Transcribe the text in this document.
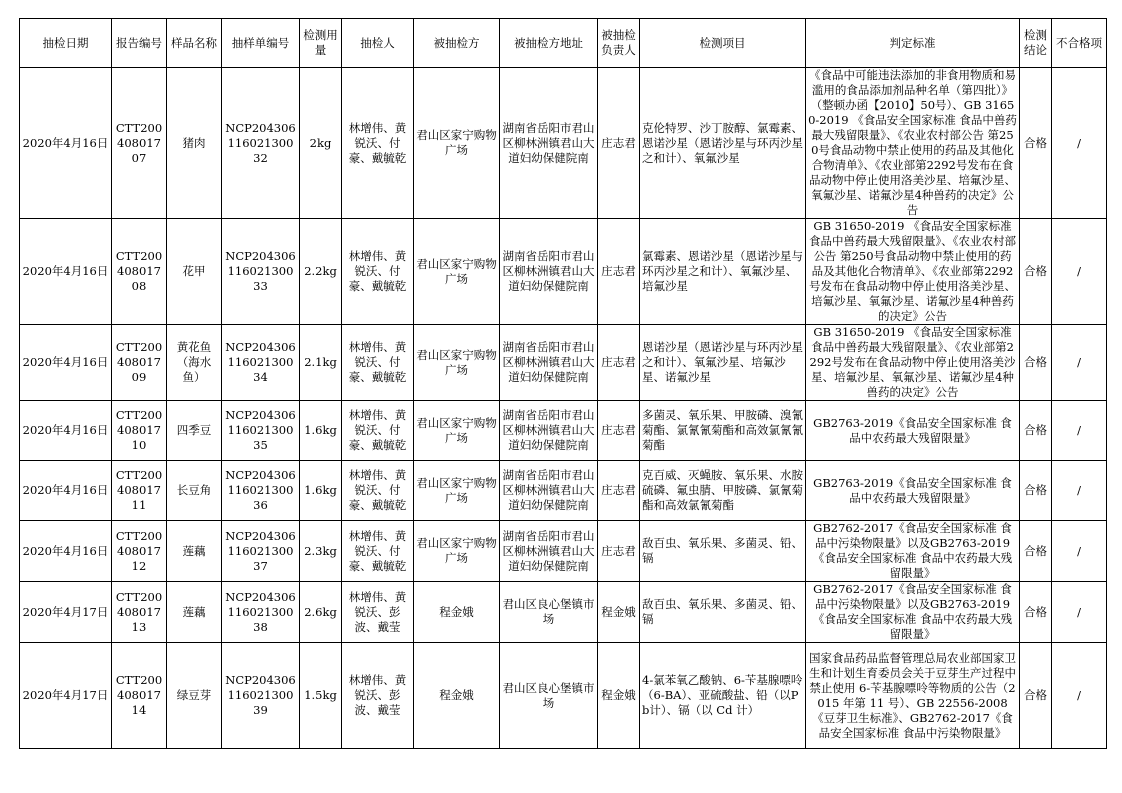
抽检日期	报告编号	样品名称	抽样单编号	检测用量	抽检人	被抽检方	被抽检方地址	被抽检负责人	检测项目	判定标准	检测结论	不合格项
2020年4月16日	CTT20040801707	猪肉	NCP20430611602130032	2kg	林增伟、黄锐沃、付豪、戴毓乾	君山区家宁购物广场	湖南省岳阳市君山区柳林洲镇君山大道妇幼保健院南	庄志君	克伦特罗、沙丁胺醇、氯霉素、恩诺沙星（恩诺沙星与环丙沙星之和计）、氧氟沙星	《食品中可能违法添加的非食用物质和易滥用的食品添加剂品种名单（第四批）》（整顿办函【2010】50号）、GB 31650-2019 《食品安全国家标准 食品中兽药最大残留限量》、《农业农村部公告 第250号食品动物中禁止使用的药品及其他化合物清单》、《农业部第2292号发布在食品动物中停止使用洛美沙星、培氟沙星、氧氟沙星、诺氟沙星4种兽药的决定》公告	合格	/
2020年4月16日	CTT20040801708	花甲	NCP20430611602130033	2.2kg	林增伟、黄锐沃、付豪、戴毓乾	君山区家宁购物广场	湖南省岳阳市君山区柳林洲镇君山大道妇幼保健院南	庄志君	氯霉素、恩诺沙星（恩诺沙星与环丙沙星之和计）、氧氟沙星、培氟沙星	GB 31650-2019 《食品安全国家标准 食品中兽药最大残留限量》、《农业农村部公告 第250号食品动物中禁止使用的药品及其他化合物清单》、《农业部第2292号发布在食品动物中停止使用洛美沙星、培氟沙星、氧氟沙星、诺氟沙星4种兽药的决定》公告	合格	/
2020年4月16日	CTT20040801709	黄花鱼（海水鱼）	NCP20430611602130034	2.1kg	林增伟、黄锐沃、付豪、戴毓乾	君山区家宁购物广场	湖南省岳阳市君山区柳林洲镇君山大道妇幼保健院南	庄志君	恩诺沙星（恩诺沙星与环丙沙星之和计）、氧氟沙星、培氟沙星、诺氟沙星	GB 31650-2019 《食品安全国家标准 食品中兽药最大残留限量》、《农业部第2292号发布在食品动物中停止使用洛美沙星、培氟沙星、氧氟沙星、诺氟沙星4种兽药的决定》公告	合格	/
2020年4月16日	CTT20040801710	四季豆	NCP20430611602130035	1.6kg	林增伟、黄锐沃、付豪、戴毓乾	君山区家宁购物广场	湖南省岳阳市君山区柳林洲镇君山大道妇幼保健院南	庄志君	多菌灵、氧乐果、甲胺磷、溴氰菊酯、氯氰氰菊酯和高效氯氰氰菊酯	GB2763-2019《食品安全国家标准 食品中农药最大残留限量》	合格	/
2020年4月16日	CTT20040801711	长豆角	NCP20430611602130036	1.6kg	林增伟、黄锐沃、付豪、戴毓乾	君山区家宁购物广场	湖南省岳阳市君山区柳林洲镇君山大道妇幼保健院南	庄志君	克百威、灭蝇胺、氧乐果、水胺硫磷、氟虫腈、甲胺磷、氯氰菊酯和高效氯氰菊酯	GB2763-2019《食品安全国家标准 食品中农药最大残留限量》	合格	/
2020年4月16日	CTT20040801712	莲藕	NCP20430611602130037	2.3kg	林增伟、黄锐沃、付豪、戴毓乾	君山区家宁购物广场	湖南省岳阳市君山区柳林洲镇君山大道妇幼保健院南	庄志君	敌百虫、氧乐果、多菌灵、铅、镉	GB2762-2017《食品安全国家标准 食品中污染物限量》以及GB2763-2019《食品安全国家标准 食品中农药最大残留限量》	合格	/
2020年4月17日	CTT20040801713	莲藕	NCP20430611602130038	2.6kg	林增伟、黄锐沃、彭波、戴莹	程金娥	君山区良心堡镇市场	程金娥	敌百虫、氧乐果、多菌灵、铅、镉	GB2762-2017《食品安全国家标准 食品中污染物限量》以及GB2763-2019《食品安全国家标准 食品中农药最大残留限量》	合格	/
2020年4月17日	CTT20040801714	绿豆芽	NCP20430611602130039	1.5kg	林增伟、黄锐沃、彭波、戴莹	程金娥	君山区良心堡镇市场	程金娥	4-氯苯氧乙酸钠、6-苄基腺嘌呤（6-BA）、亚硫酸盐、铅（以Pb计）、镉（以 Cd 计）	国家食品药品监督管理总局农业部国家卫生和计划生育委员会关于豆芽生产过程中禁止使用 6-苄基腺嘌呤等物质的公告（2015 年第 11 号）、GB 22556-2008 《豆芽卫生标准》、GB2762-2017《食品安全国家标准 食品中污染物限量》	合格	/
